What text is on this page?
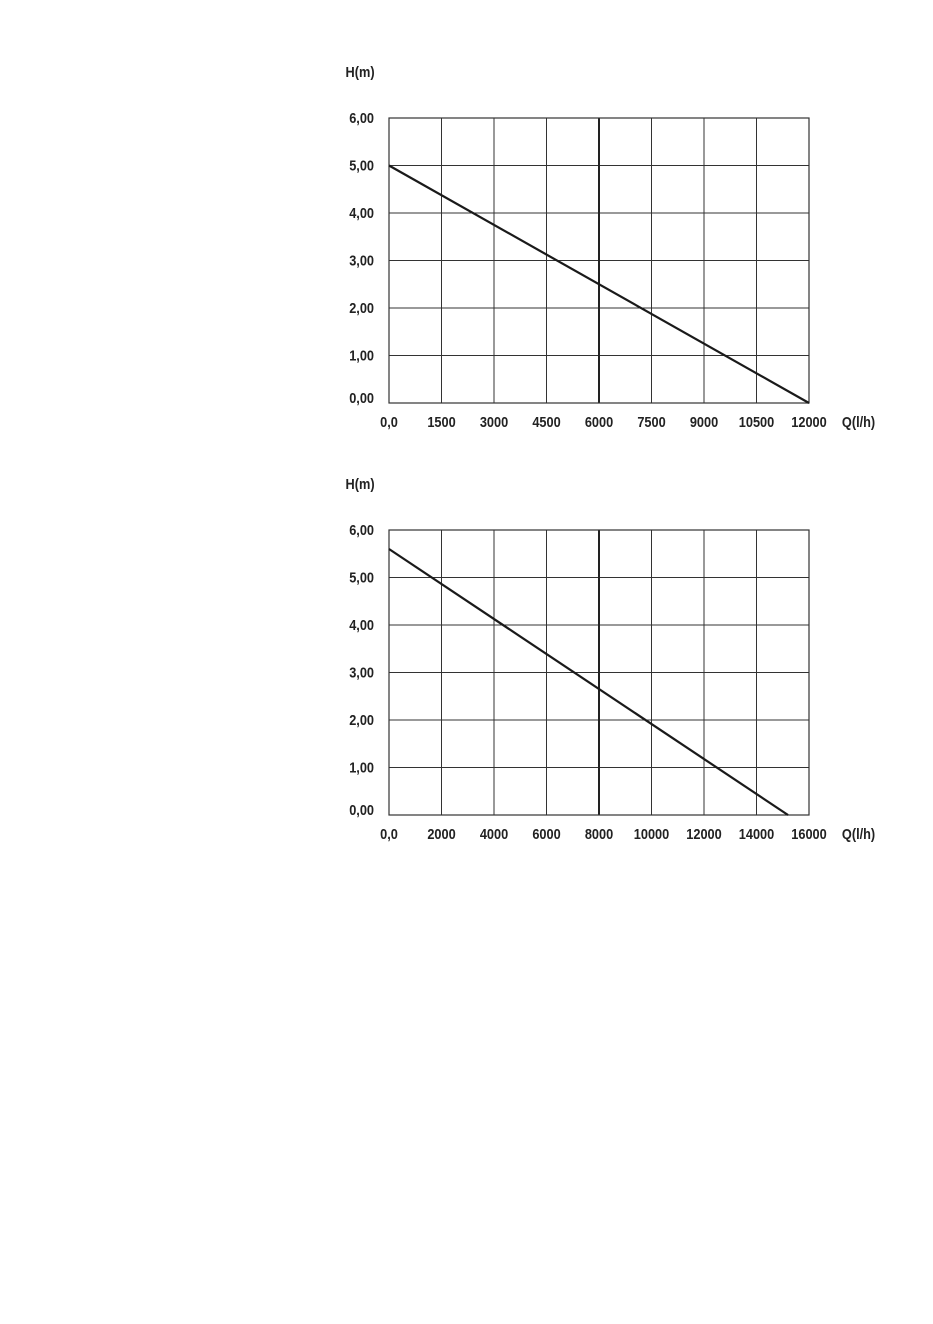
0,00
1,00
2,00
3,00
4,00
5,00
6,00
0,0 1500 3000 4500 6000 7500 9000 10500 12000
H(m)
Q(l/h)
0,00
1,00
2,00
3,00
4,00
5,00
6,00
0,0 2000 4000 6000 8000 10000 12000 14000 16000
H(m)
Q(l/h)
